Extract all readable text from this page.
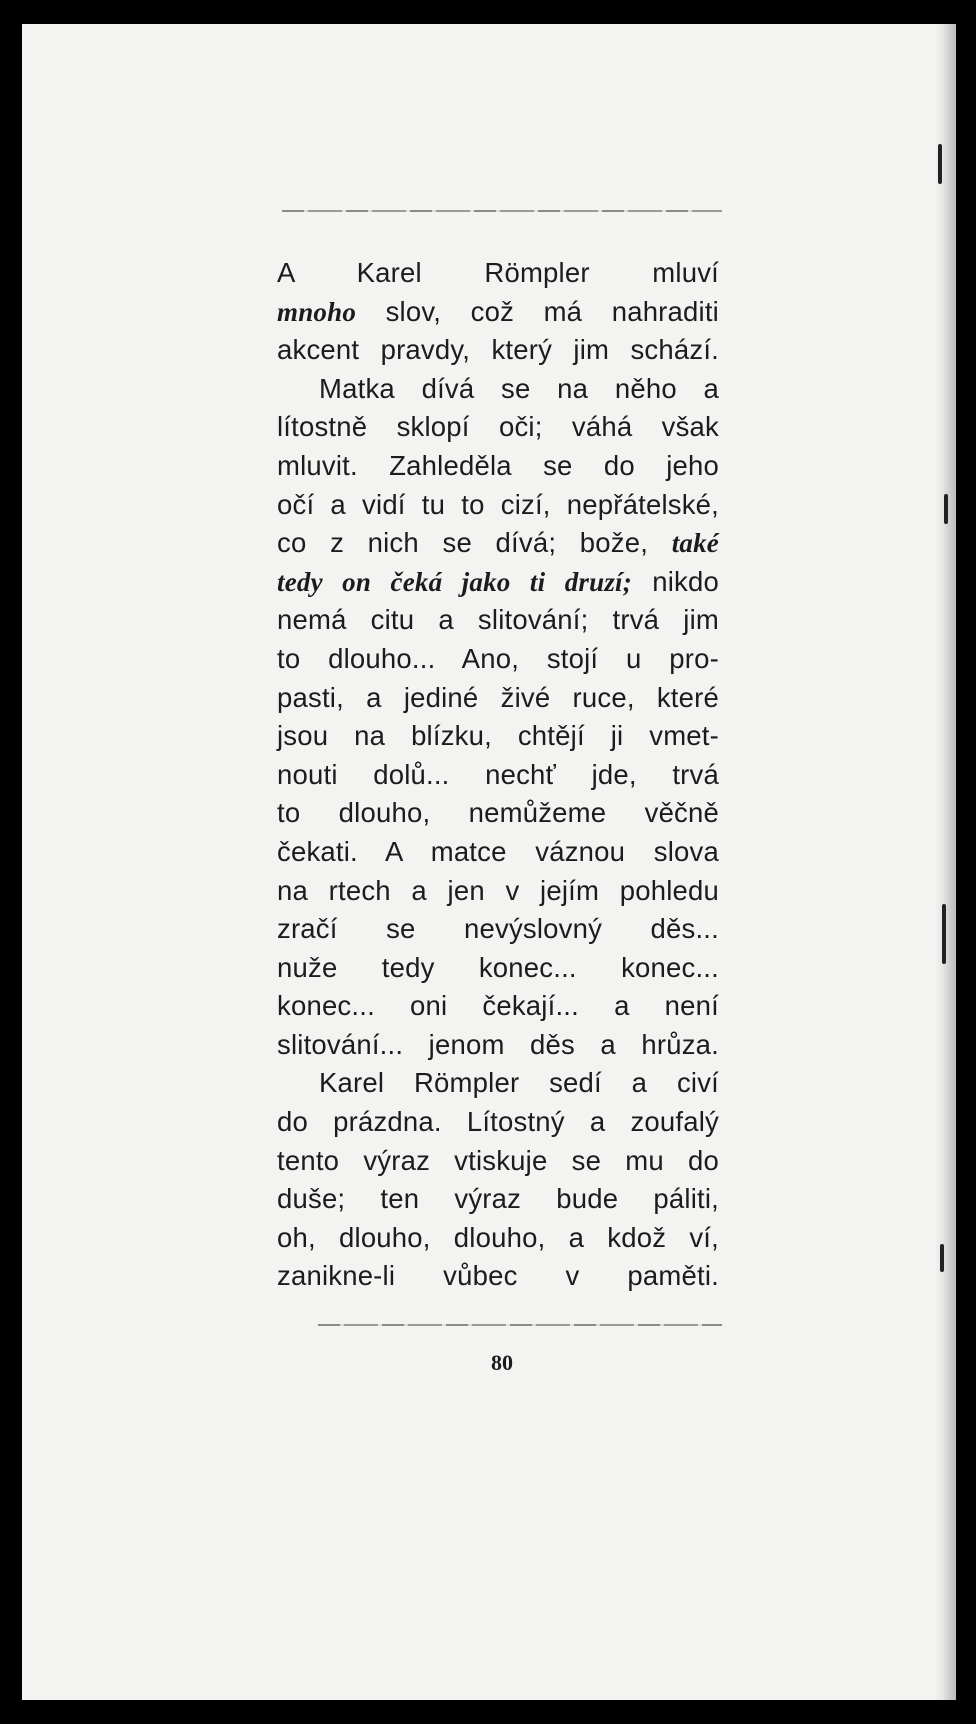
A Karel Römpler mluví
mnoho slov, což má nahraditi
akcent pravdy, který jim schází.
Matka dívá se na něho a
lítostně sklopí oči; váhá však
mluvit. Zahleděla se do jeho
očí a vidí tu to cizí, nepřátelské,
co z nich se dívá; bože, také
tedy on čeká jako ti druzí; nikdo
nemá citu a slitování; trvá jim
to dlouho... Ano, stojí u pro-
pasti, a jediné živé ruce, které
jsou na blízku, chtějí ji vmet-
nouti dolů... nechť jde, trvá
to dlouho, nemůžeme věčně
čekati. A matce váznou slova
na rtech a jen v jejím pohledu
zračí se nevýslovný děs...
nuže tedy konec... konec...
konec... oni čekají... a není
slitování... jenom děs a hrůza.
Karel Römpler sedí a civí
do prázdna. Lítostný a zoufalý
tento výraz vtiskuje se mu do
duše; ten výraz bude páliti,
oh, dlouho, dlouho, a kdož ví,
zanikne-li vůbec v paměti.
80
